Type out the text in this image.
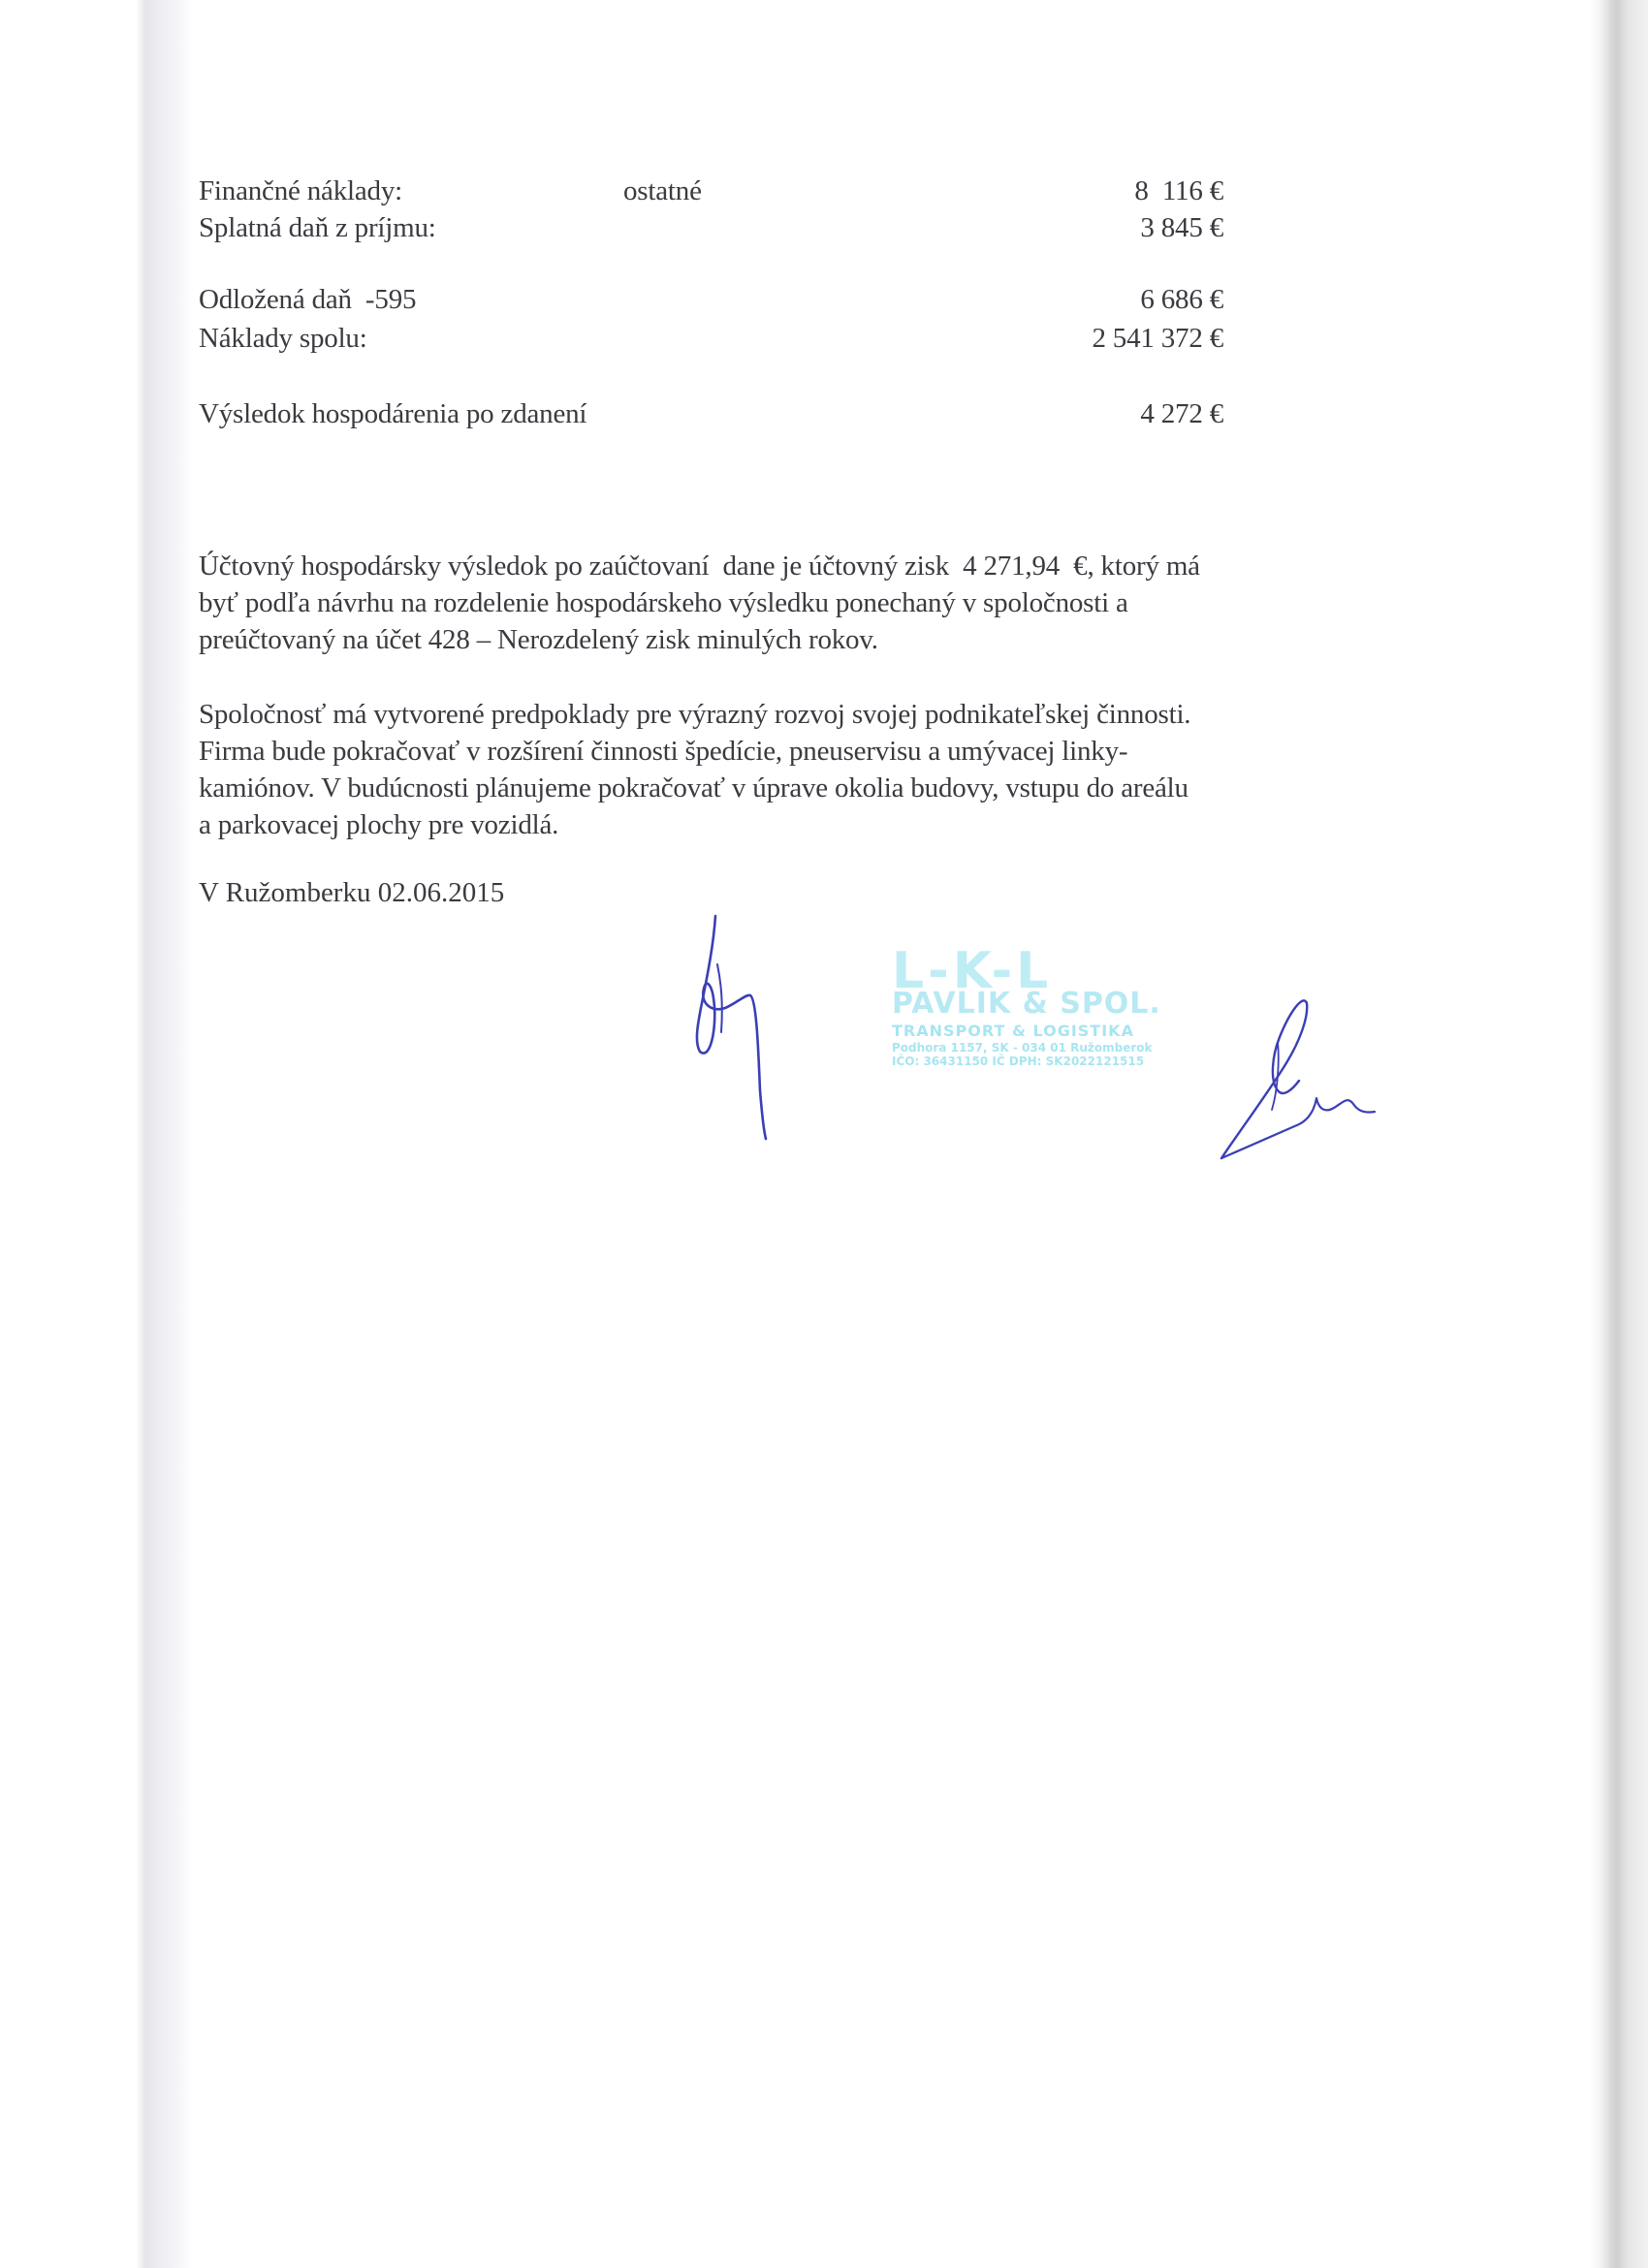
Finančné náklady:	ostatné	8  116 €
Splatná daň z príjmu:	3 845 €
Odložená daň  -595	6 686 €
Náklady spolu:	2 541 372 €
Výsledok hospodárenia po zdanení	4 272 €
Účtovný hospodársky výsledok po zaúčtovaní  dane je účtovný zisk  4 271,94  €, ktorý má
byť podľa návrhu na rozdelenie hospodárskeho výsledku ponechaný v spoločnosti a
preúčtovaný na účet 428 – Nerozdelený zisk minulých rokov.
Spoločnosť má vytvorené predpoklady pre výrazný rozvoj svojej podnikateľskej činnosti.
Firma bude pokračovať v rozšírení činnosti špedície, pneuservisu a umývacej linky-
kamiónov. V budúcnosti plánujeme pokračovať v úprave okolia budovy, vstupu do areálu
a parkovacej plochy pre vozidlá.
V Ružomberku 02.06.2015
L-K-L
PAVLIK & SPOL.
TRANSPORT & LOGISTIKA
Podhora 1157, SK - 034 01 Ružomberok
IČO: 36431150 IČ DPH: SK2022121515
